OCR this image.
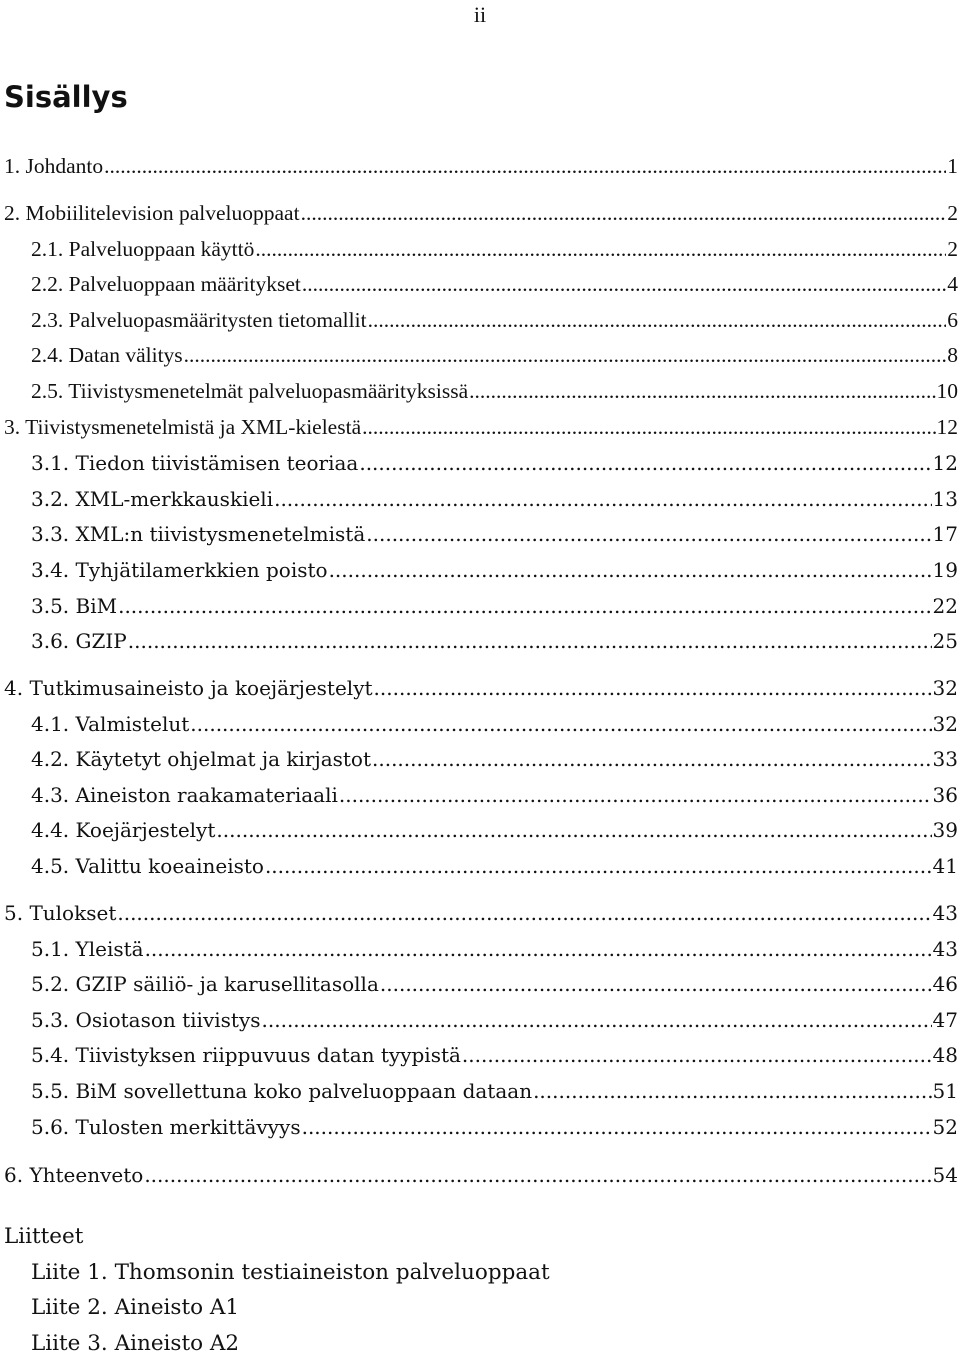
ii
Sisällys
1. Johdanto .....	1
2. Mobiilitelevision palveluoppaat .....	2
2.1. Palveluoppaan käyttö .....	2
2.2. Palveluoppaan määritykset .....	4
2.3. Palveluopasmääritysten tietomallit .....	6
2.4. Datan välitys .....	8
2.5. Tiivistysmenetelmät palveluopasmäärityksissä .....	10
3. Tiivistysmenetelmistä ja XML-kielestä .....	12
3.1. Tiedon tiivistämisen teoriaa .....	12
3.2. XML-merkkauskieli .....	13
3.3. XML:n tiivistysmenetelmistä .....	17
3.4. Tyhjätilamerkkien poisto .....	19
3.5. BiM .....	22
3.6. GZIP .....	25
4. Tutkimusaineisto ja koejärjestelyt .....	32
4.1. Valmistelut .....	32
4.2. Käytetyt ohjelmat ja kirjastot .....	33
4.3. Aineiston raakamateriaali .....	36
4.4. Koejärjestelyt .....	39
4.5. Valittu koeaineisto .....	41
5. Tulokset .....	43
5.1. Yleistä .....	43
5.2. GZIP säiliö- ja karusellitasolla .....	46
5.3. Osiotason tiivistys .....	47
5.4. Tiivistyksen riippuvuus datan tyypistä .....	48
5.5. BiM sovellettuna koko palveluoppaan dataan .....	51
5.6. Tulosten merkittävyys .....	52
6. Yhteenveto .....	54
Liitteet
Liite 1. Thomsonin testiaineiston palveluoppaat
Liite 2. Aineisto A1
Liite 3. Aineisto A2
